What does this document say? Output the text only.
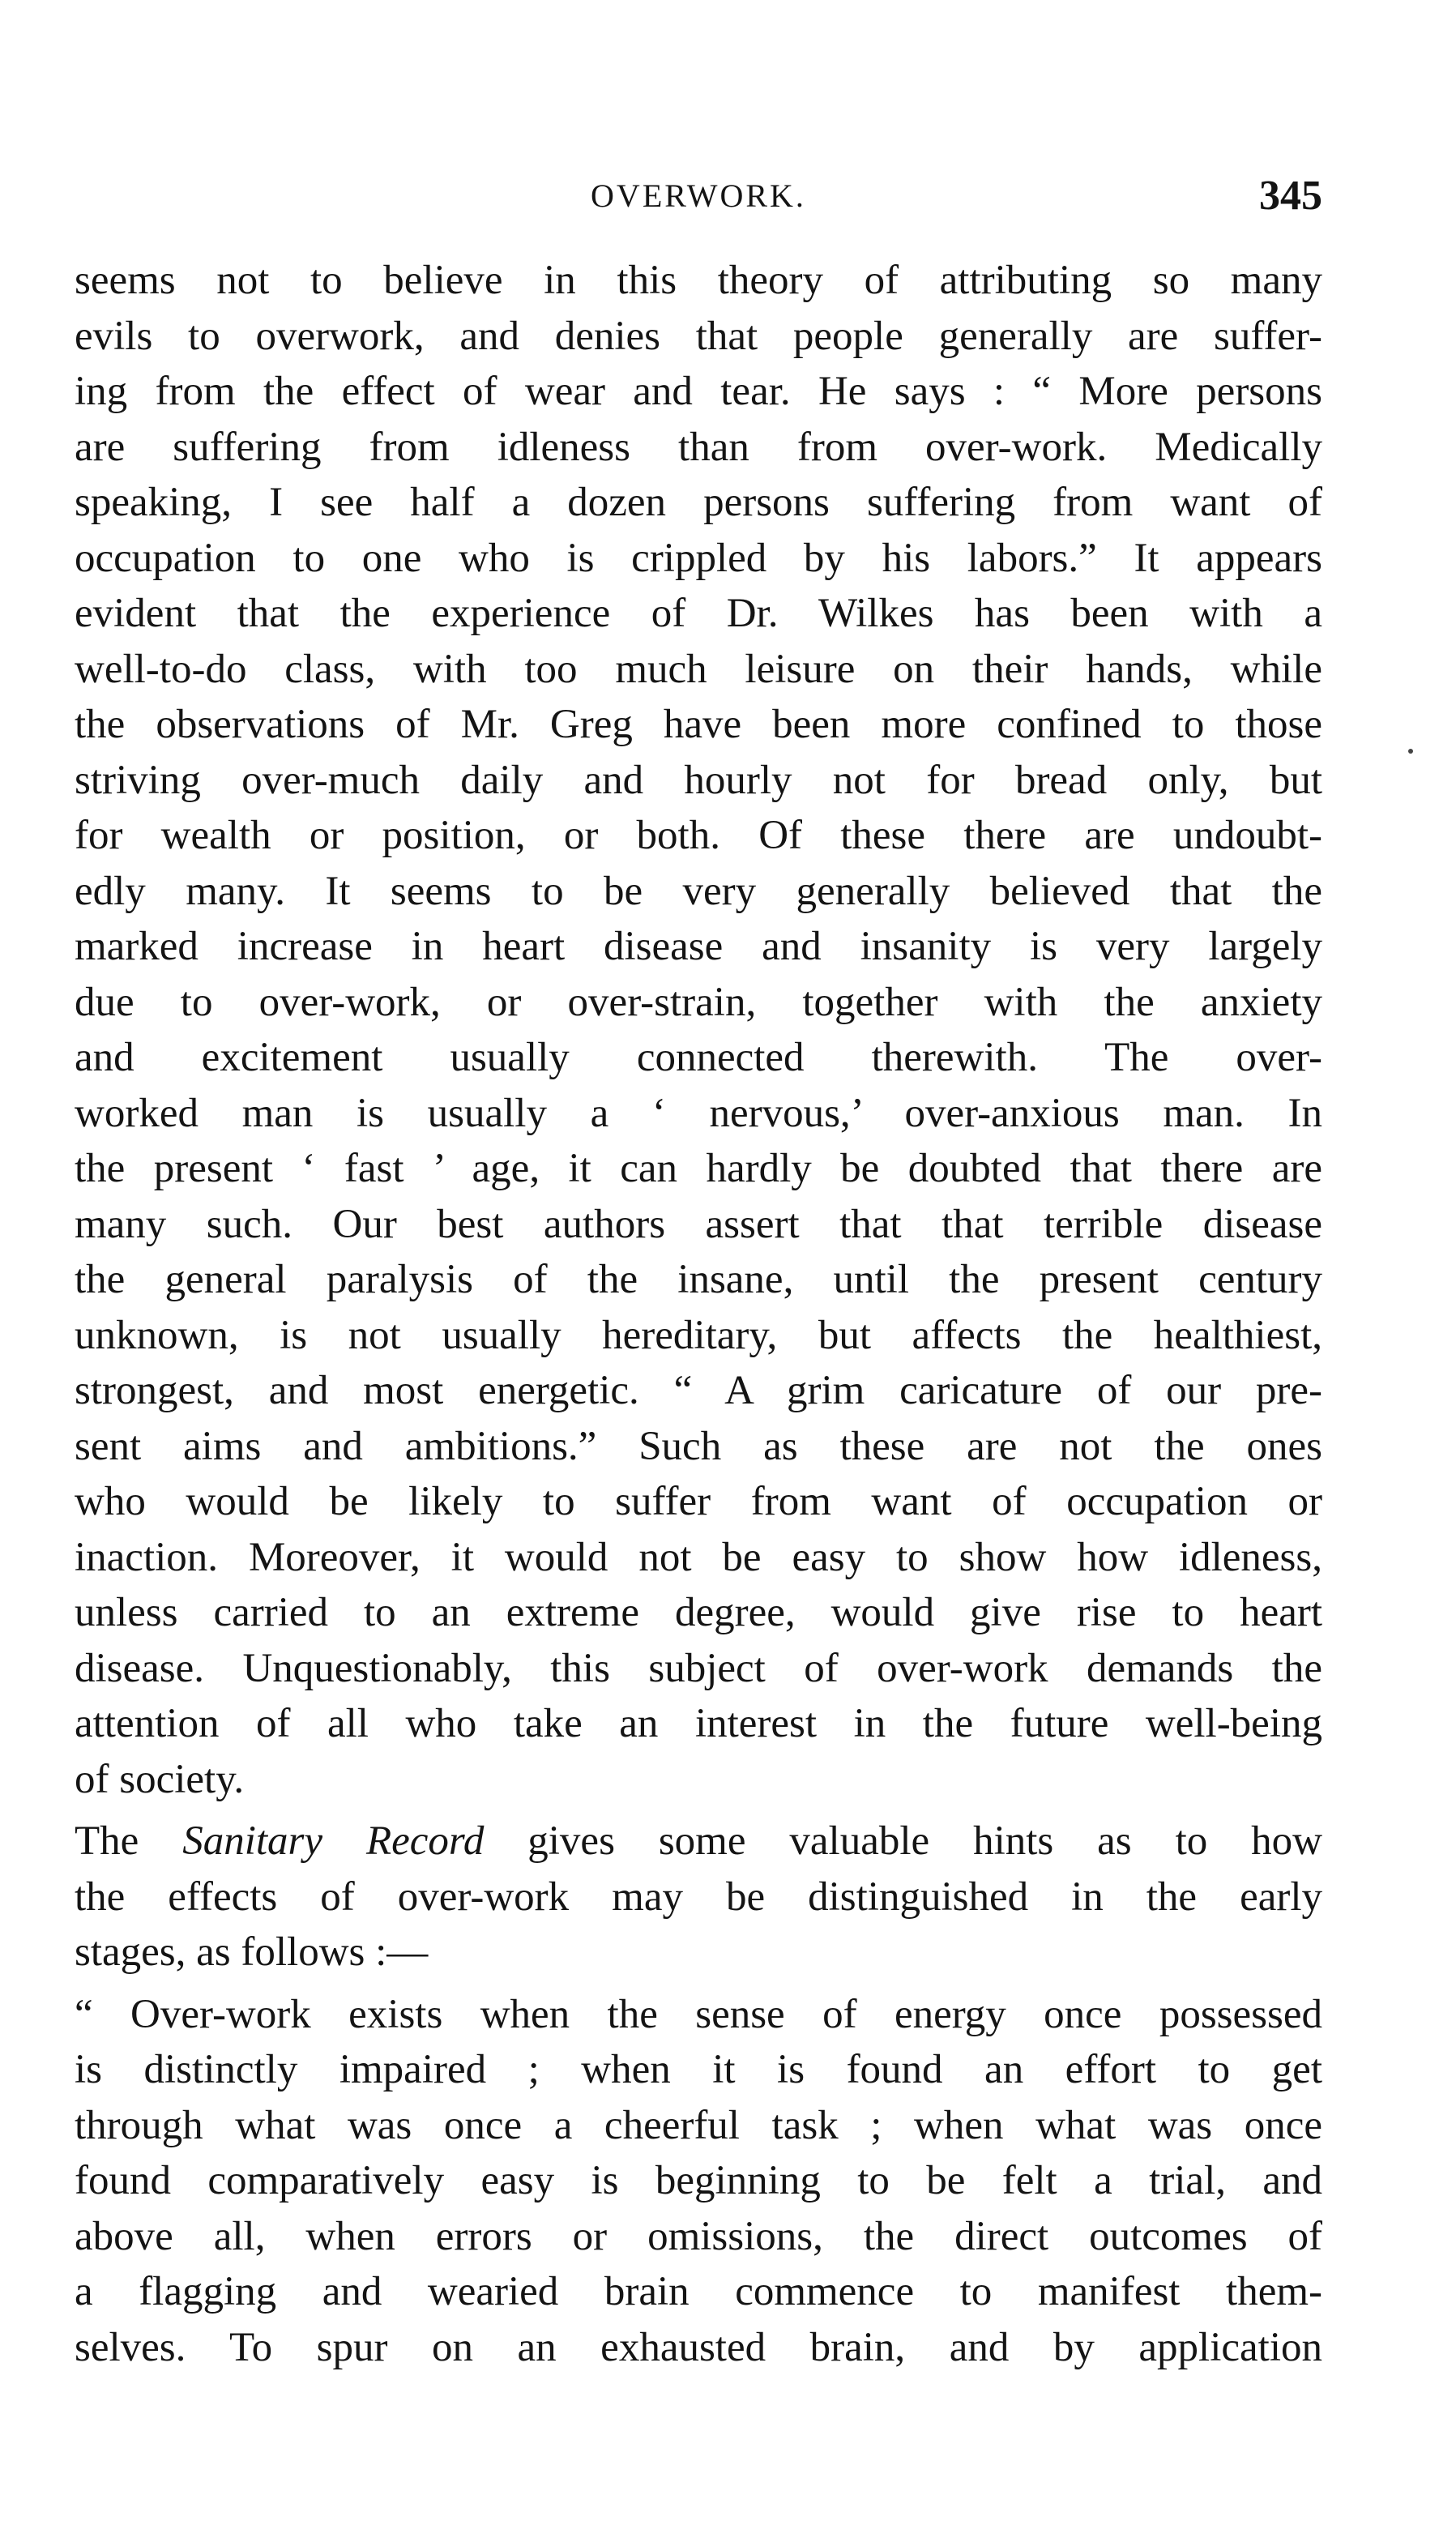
OVERWORK.	345
seems not to believe in this theory of attributing so many
evils to overwork, and denies that people generally are suffer-
ing from the effect of wear and tear. He says : “ More persons
are suffering from idleness than from over-work. Medically
speaking, I see half a dozen persons suffering from want of
occupation to one who is crippled by his labors.” It appears
evident that the experience of Dr. Wilkes has been with a
well-to-do class, with too much leisure on their hands, while
the observations of Mr. Greg have been more confined to those
striving over-much daily and hourly not for bread only, but
for wealth or position, or both. Of these there are undoubt-
edly many. It seems to be very generally believed that the
marked increase in heart disease and insanity is very largely
due to over-work, or over-strain, together with the anxiety
and excitement usually connected therewith. The over-
worked man is usually a ‘ nervous,’ over-anxious man. In
the present ‘ fast ’ age, it can hardly be doubted that there are
many such. Our best authors assert that that terrible disease
the general paralysis of the insane, until the present century
unknown, is not usually hereditary, but affects the healthiest,
strongest, and most energetic. “ A grim caricature of our pre-
sent aims and ambitions.” Such as these are not the ones
who would be likely to suffer from want of occupation or
inaction. Moreover, it would not be easy to show how idleness,
unless carried to an extreme degree, would give rise to heart
disease. Unquestionably, this subject of over-work demands the
attention of all who take an interest in the future well-being
of society.
The Sanitary Record gives some valuable hints as to how
the effects of over-work may be distinguished in the early
stages, as follows :—
“ Over-work exists when the sense of energy once possessed
is distinctly impaired ; when it is found an effort to get
through what was once a cheerful task ; when what was once
found comparatively easy is beginning to be felt a trial, and
above all, when errors or omissions, the direct outcomes of
a flagging and wearied brain commence to manifest them-
selves. To spur on an exhausted brain, and by application
